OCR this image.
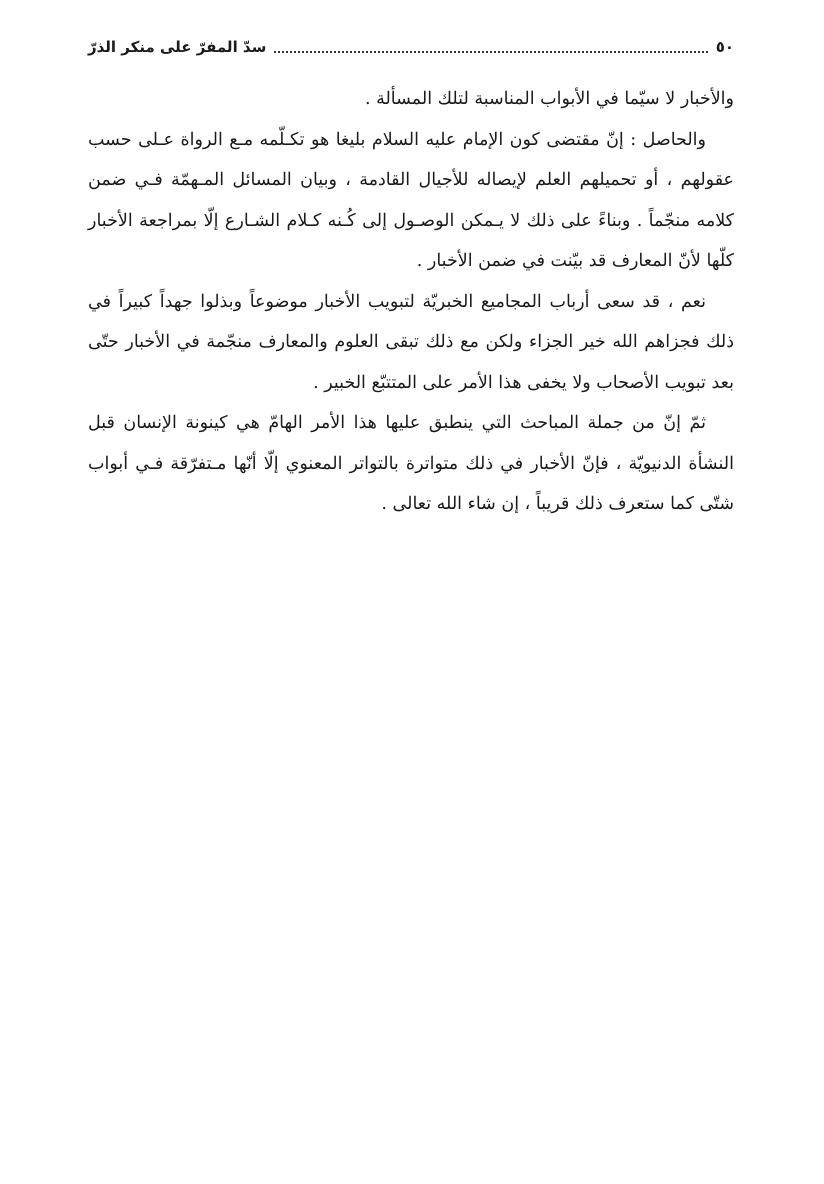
٥٠
سدّ المفرّ على منكر الذرّ

والأخبار لا سيّما في الأبواب المناسبة لتلك المسألة .

والحاصل : إنّ مقتضى كون الإمام عليه السلام بليغا هو تكـلّمه مـع الرواة عـلى حسب عقولهم ، أو تحميلهم العلم لإيصاله للأجيال القادمة ، وبيان المسائل المـهمّة فـي ضمن كلامه منجّماً . وبناءً على ذلك لا يـمكن الوصـول إلى كُـنه كـلام الشـارع إلّا بمراجعة الأخبار كلّها لأنّ المعارف قد بيّنت في ضمن الأخبار .

نعم ، قد سعى أرباب المجاميع الخبريّة لتبويب الأخبار موضوعاً وبذلوا جهداً كبيراً في ذلك فجزاهم الله خير الجزاء ولكن مع ذلك تبقى العلوم والمعارف منجّمة في الأخبار حتّى بعد تبويب الأصحاب ولا يخفى هذا الأمر على المتتبّع الخبير .

ثمّ إنّ من جملة المباحث التي ينطبق عليها هذا الأمر الهامّ هي كينونة الإنسان قبل النشأة الدنيويّة ، فإنّ الأخبار في ذلك متواترة بالتواتر المعنوي إلّا أنّها مـتفرّقة فـي أبواب شتّى كما ستعرف ذلك قريباً ، إن شاء الله تعالى .
